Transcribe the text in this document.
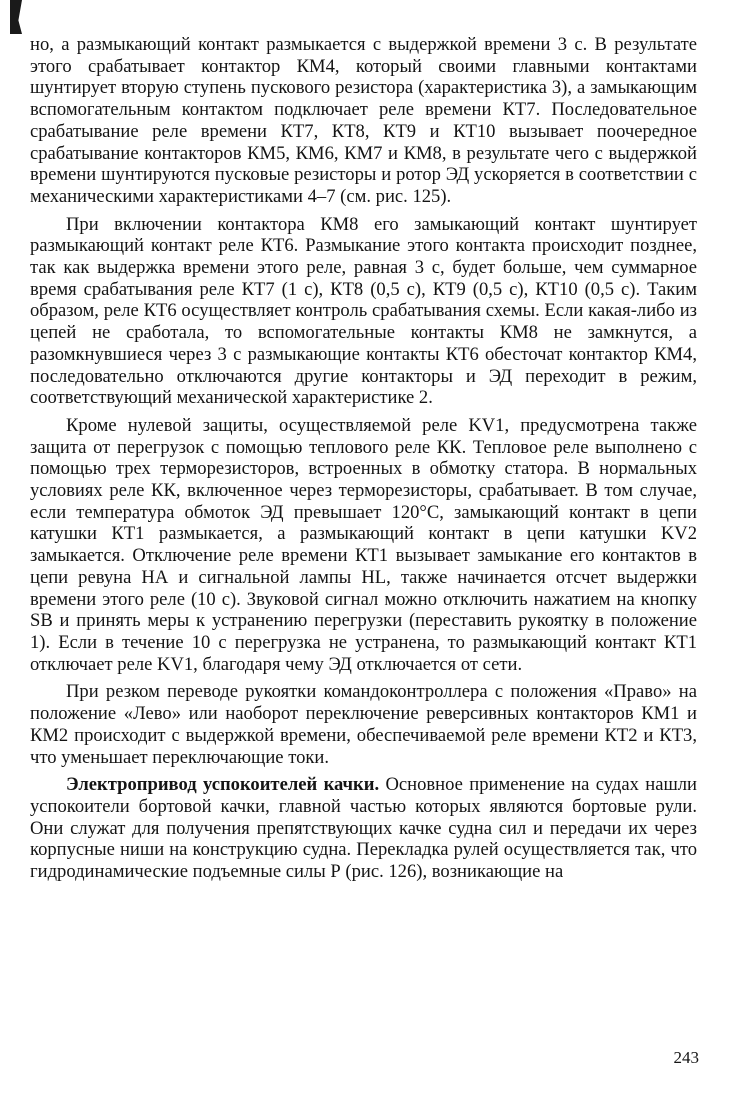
но, а размыкающий контакт размыкается с выдержкой времени 3 с. В результате этого срабатывает контактор КМ4, который своими главными контактами шунтирует вторую ступень пускового резистора (характеристика 3), а замыкающим вспомогательным контактом подключает реле времени КТ7. Последовательное срабатывание реле времени КТ7, КТ8, КТ9 и КТ10 вызывает поочередное срабатывание контакторов КМ5, КМ6, КМ7 и КМ8, в результате чего с выдержкой времени шунтируются пусковые резисторы и ротор ЭД ускоряется в соответствии с механическими характеристиками 4–7 (см. рис. 125).

При включении контактора КМ8 его замыкающий контакт шунтирует размыкающий контакт реле КТ6. Размыкание этого контакта происходит позднее, так как выдержка времени этого реле, равная 3 с, будет больше, чем суммарное время срабатывания реле КТ7 (1 с), КТ8 (0,5 с), КТ9 (0,5 с), КТ10 (0,5 с). Таким образом, реле КТ6 осуществляет контроль срабатывания схемы. Если какая-либо из цепей не сработала, то вспомогательные контакты КМ8 не замкнутся, а разомкнувшиеся через 3 с размыкающие контакты КТ6 обесточат контактор КМ4, последовательно отключаются другие контакторы и ЭД переходит в режим, соответствующий механической характеристике 2.

Кроме нулевой защиты, осуществляемой реле KV1, предусмотрена также защита от перегрузок с помощью теплового реле КК. Тепловое реле выполнено с помощью трех терморезисторов, встроенных в обмотку статора. В нормальных условиях реле КК, включенное через терморезисторы, срабатывает. В том случае, если температура обмоток ЭД превышает 120°С, замыкающий контакт в цепи катушки КТ1 размыкается, а размыкающий контакт в цепи катушки KV2 замыкается. Отключение реле времени КТ1 вызывает замыкание его контактов в цепи ревуна НА и сигнальной лампы HL, также начинается отсчет выдержки времени этого реле (10 с). Звуковой сигнал можно отключить нажатием на кнопку SB и принять меры к устранению перегрузки (переставить рукоятку в положение 1). Если в течение 10 с перегрузка не устранена, то размыкающий контакт КТ1 отключает реле KV1, благодаря чему ЭД отключается от сети.

При резком переводе рукоятки командоконтроллера с положения «Право» на положение «Лево» или наоборот переключение реверсивных контакторов КМ1 и КМ2 происходит с выдержкой времени, обеспечиваемой реле времени КТ2 и КТ3, что уменьшает переключающие токи.

Электропривод успокоителей качки. Основное применение на судах нашли успокоители бортовой качки, главной частью которых являются бортовые рули. Они служат для получения препятствующих качке судна сил и передачи их через корпусные ниши на конструкцию судна. Перекладка рулей осуществляется так, что гидродинамические подъемные силы Р (рис. 126), возникающие на

243
